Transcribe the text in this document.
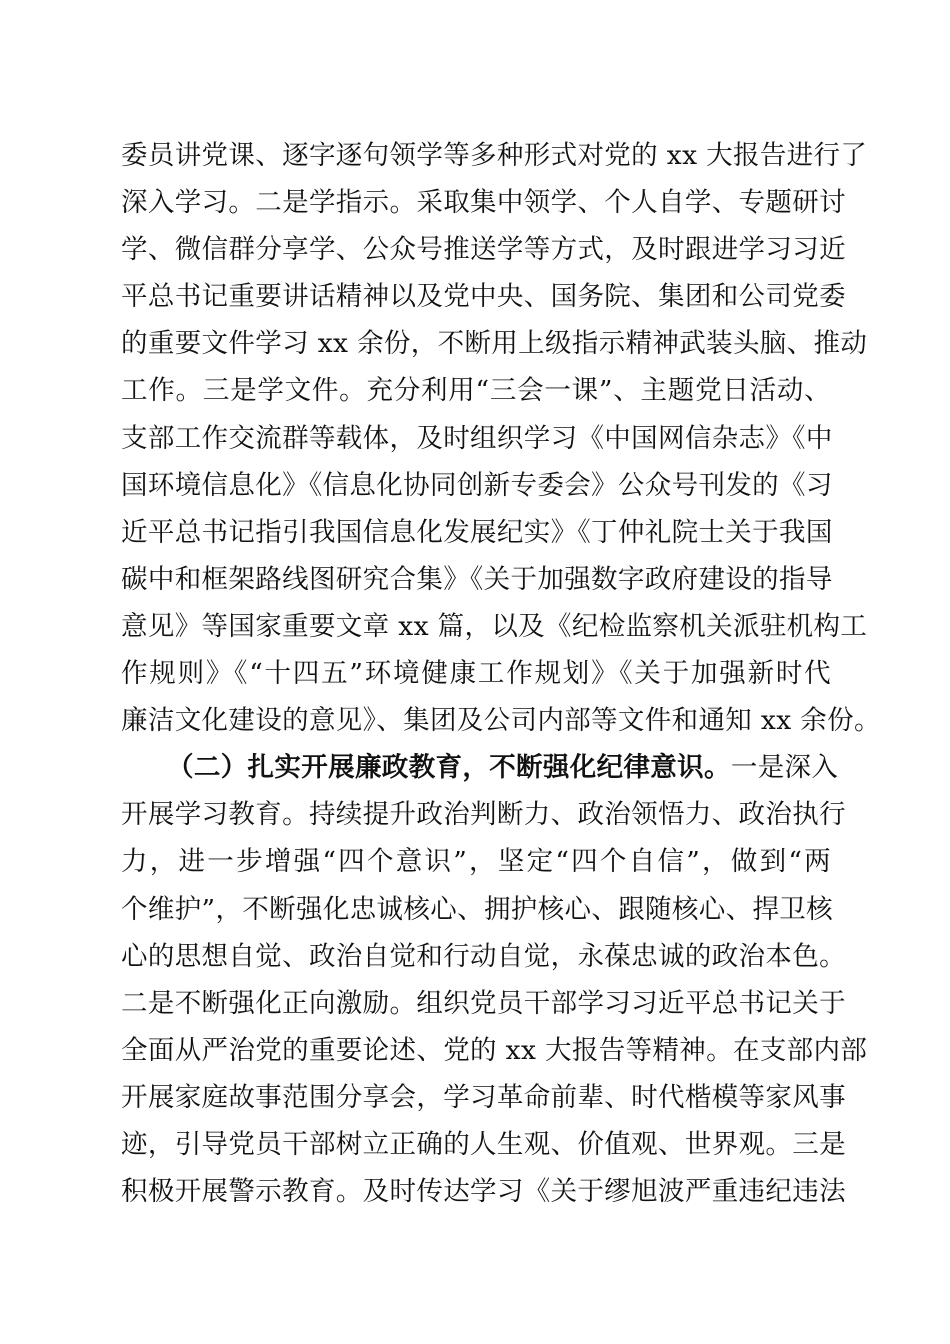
委员讲党课、逐字逐句领学等多种形式对党的 xx 大报告进行了
深入学习。二是学指示。采取集中领学、个人自学、专题研讨
学、微信群分享学、公众号推送学等方式，及时跟进学习习近
平总书记重要讲话精神以及党中央、国务院、集团和公司党委
的重要文件学习 xx 余份，不断用上级指示精神武装头脑、推动
工作。三是学文件。充分利用“三会一课”、主题党日活动、
支部工作交流群等载体，及时组织学习《中国网信杂志》《中
国环境信息化》《信息化协同创新专委会》公众号刊发的《习
近平总书记指引我国信息化发展纪实》《丁仲礼院士关于我国
碳中和框架路线图研究合集》《关于加强数字政府建设的指导
意见》等国家重要文章 xx 篇，以及《纪检监察机关派驻机构工
作规则》《“十四五”环境健康工作规划》《关于加强新时代
廉洁文化建设的意见》、集团及公司内部等文件和通知 xx 余份。
（二）扎实开展廉政教育，不断强化纪律意识。一是深入
开展学习教育。持续提升政治判断力、政治领悟力、政治执行
力，进一步增强“四个意识”，坚定“四个自信”，做到“两
个维护”，不断强化忠诚核心、拥护核心、跟随核心、捍卫核
心的思想自觉、政治自觉和行动自觉，永葆忠诚的政治本色。
二是不断强化正向激励。组织党员干部学习习近平总书记关于
全面从严治党的重要论述、党的 xx 大报告等精神。在支部内部
开展家庭故事范围分享会，学习革命前辈、时代楷模等家风事
迹，引导党员干部树立正确的人生观、价值观、世界观。三是
积极开展警示教育。及时传达学习《关于缪旭波严重违纪违法
